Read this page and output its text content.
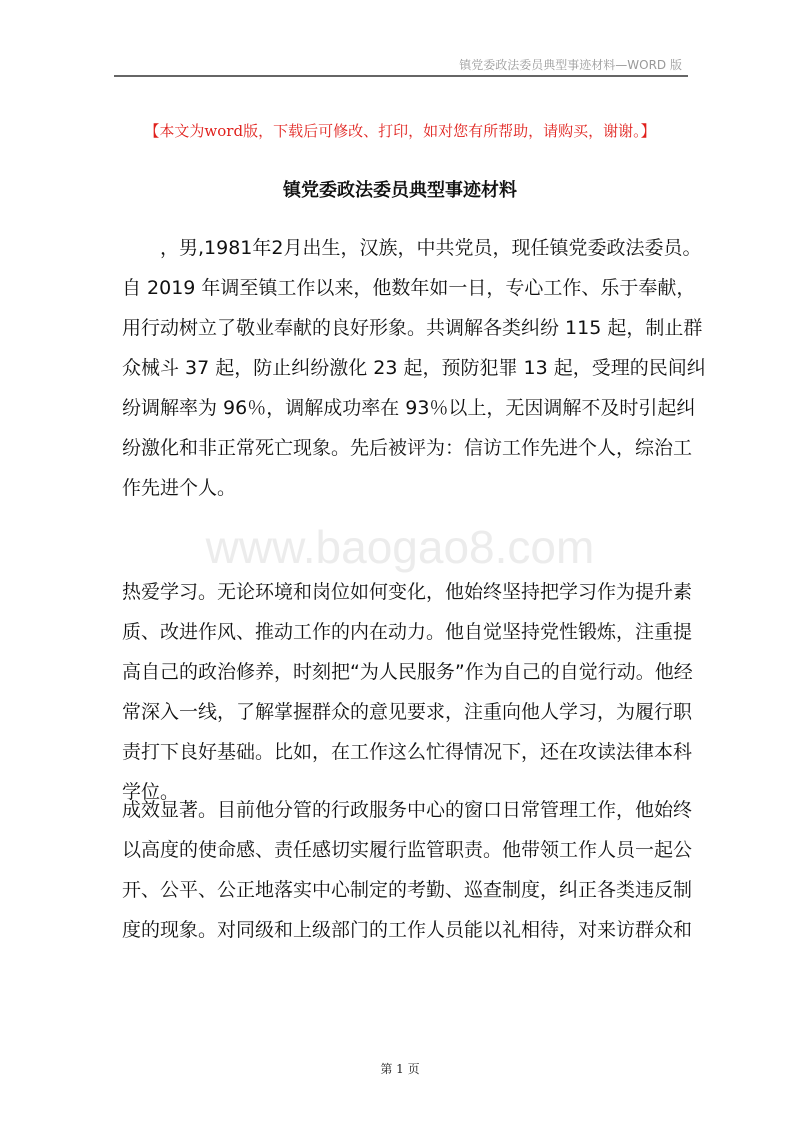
镇党委政法委员典型事迹材料—WORD 版
【本文为word版，下载后可修改、打印，如对您有所帮助，请购买，谢谢。】
镇党委政法委员典型事迹材料
www.baogao8.com
　　，男,1981年2月出生，汉族，中共党员，现任镇党委政法委员。
自 2019 年调至镇工作以来，他数年如一日，专心工作、乐于奉献，
用行动树立了敬业奉献的良好形象。共调解各类纠纷 115 起，制止群
众械斗 37 起，防止纠纷激化 23 起，预防犯罪 13 起，受理的民间纠
纷调解率为 96％，调解成功率在 93％以上，无因调解不及时引起纠
纷激化和非正常死亡现象。先后被评为：信访工作先进个人，综治工
作先进个人。
热爱学习。无论环境和岗位如何变化，他始终坚持把学习作为提升素
质、改进作风、推动工作的内在动力。他自觉坚持党性锻炼，注重提
高自己的政治修养，时刻把“为人民服务”作为自己的自觉行动。他经
常深入一线，了解掌握群众的意见要求，注重向他人学习，为履行职
责打下良好基础。比如，在工作这么忙得情况下，还在攻读法律本科
学位。
成效显著。目前他分管的行政服务中心的窗口日常管理工作，他始终
以高度的使命感、责任感切实履行监管职责。他带领工作人员一起公
开、公平、公正地落实中心制定的考勤、巡查制度，纠正各类违反制
度的现象。对同级和上级部门的工作人员能以礼相待，对来访群众和
第 1 页
